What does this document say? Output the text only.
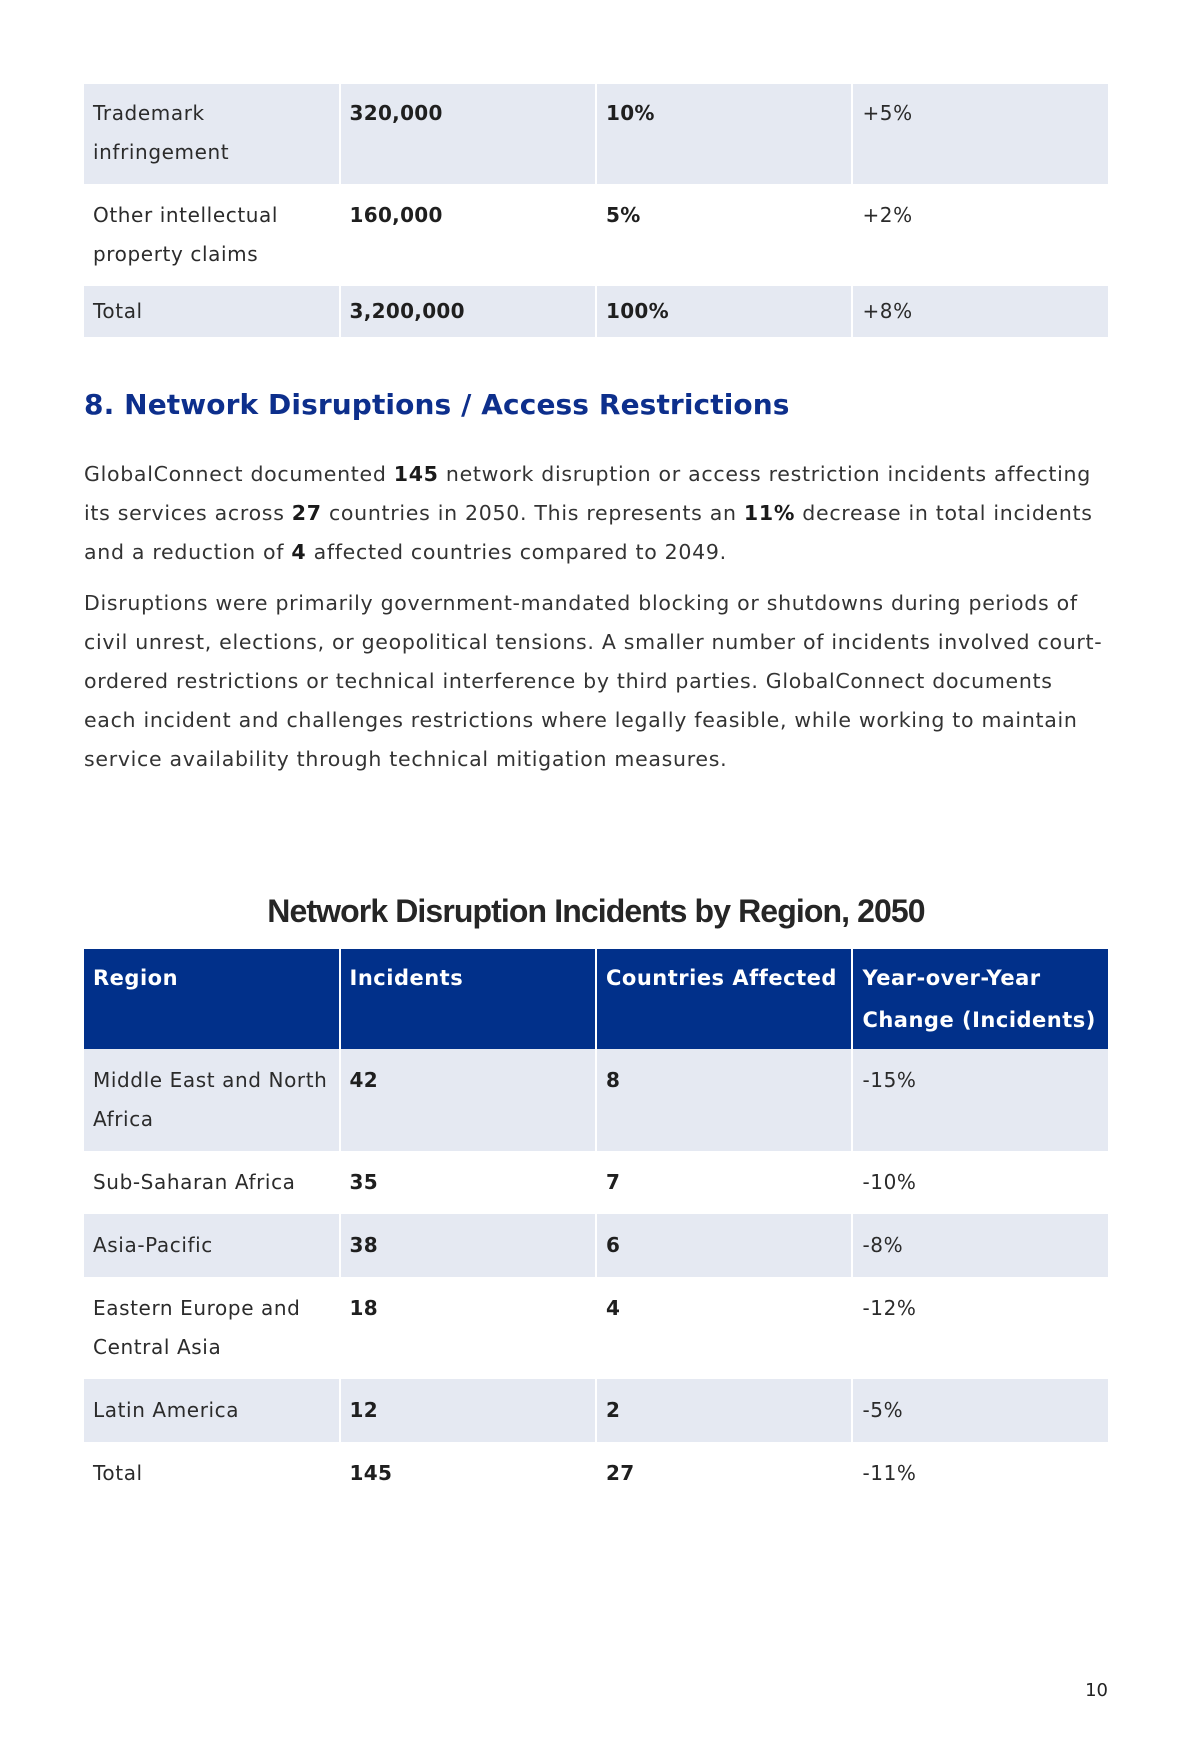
Trademark infringement	320,000	10%	+5%
Other intellectual property claims	160,000	5%	+2%
Total	3,200,000	100%	+8%
8. Network Disruptions / Access Restrictions

GlobalConnect documented 145 network disruption or access restriction incidents affecting its services across 27 countries in 2050. This represents an 11% decrease in total incidents and a reduction of 4 affected countries compared to 2049.

Disruptions were primarily government-mandated blocking or shutdowns during periods of civil unrest, elections, or geopolitical tensions. A smaller number of incidents involved court-ordered restrictions or technical interference by third parties. GlobalConnect documents each incident and challenges restrictions where legally feasible, while working to maintain service availability through technical mitigation measures.

Network Disruption Incidents by Region, 2050
Region	Incidents	Countries Affected	Year-over-Year Change (Incidents)
Middle East and North Africa	42	8	-15%
Sub-Saharan Africa	35	7	-10%
Asia-Pacific	38	6	-8%
Eastern Europe and Central Asia	18	4	-12%
Latin America	12	2	-5%
Total	145	27	-11%
10
